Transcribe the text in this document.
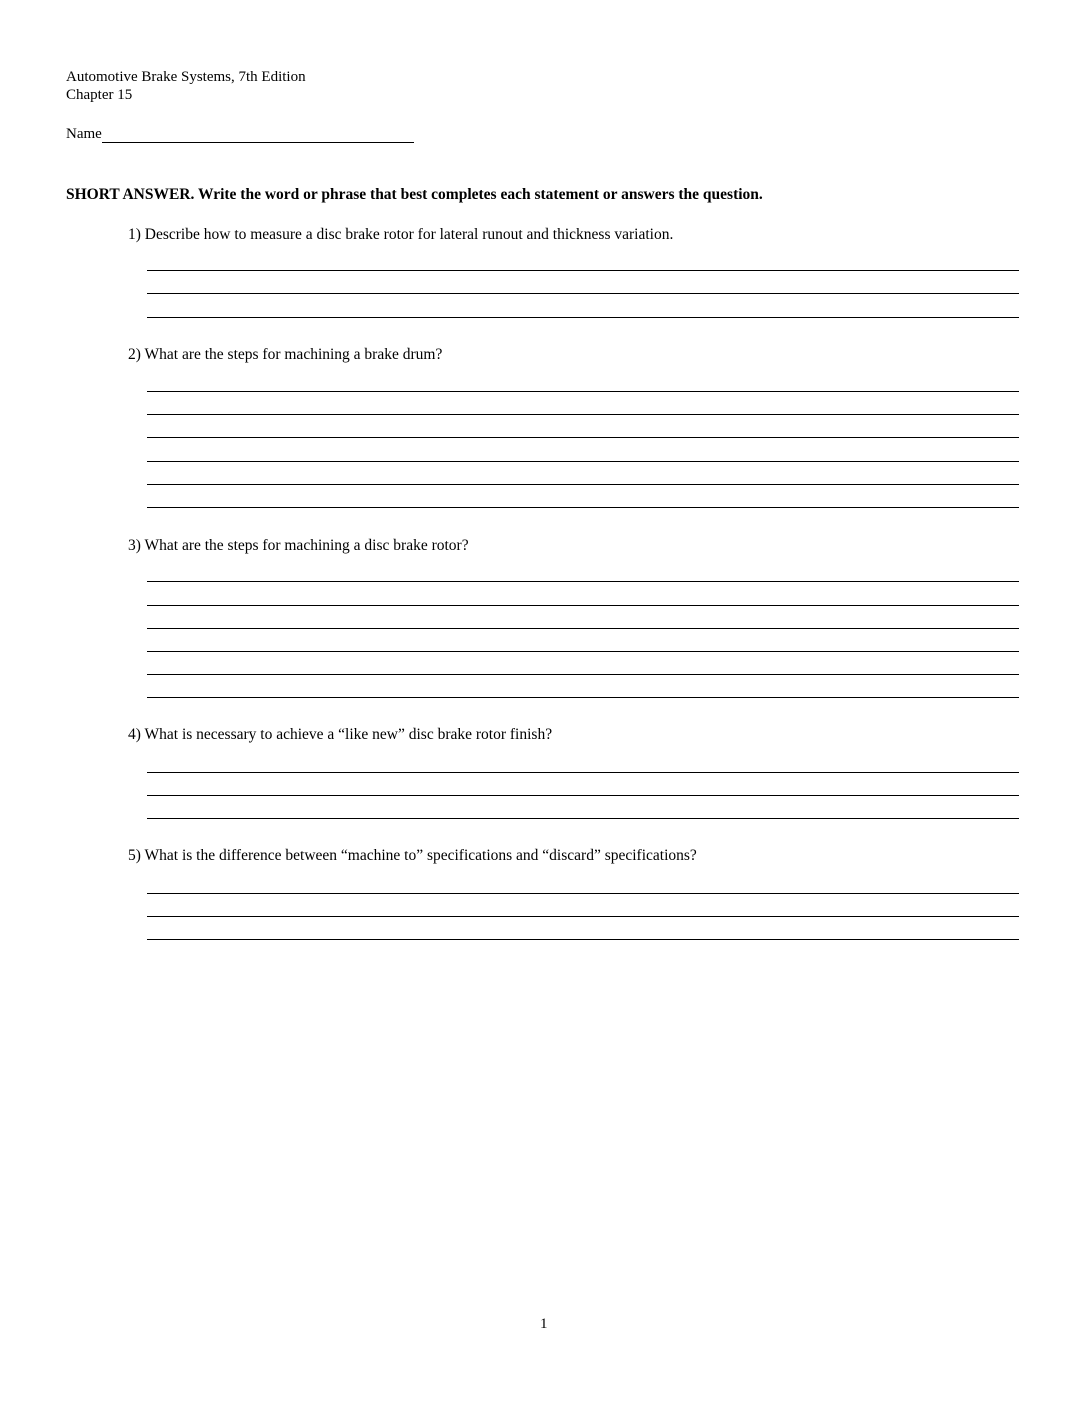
Automotive Brake Systems, 7th Edition
Chapter 15
Name
SHORT ANSWER. Write the word or phrase that best completes each statement or answers the question.
1) Describe how to measure a disc brake rotor for lateral runout and thickness variation.
2) What are the steps for machining a brake drum?
3) What are the steps for machining a disc brake rotor?
4) What is necessary to achieve a “like new” disc brake rotor finish?
5) What is the difference between “machine to” specifications and “discard” specifications?
1
